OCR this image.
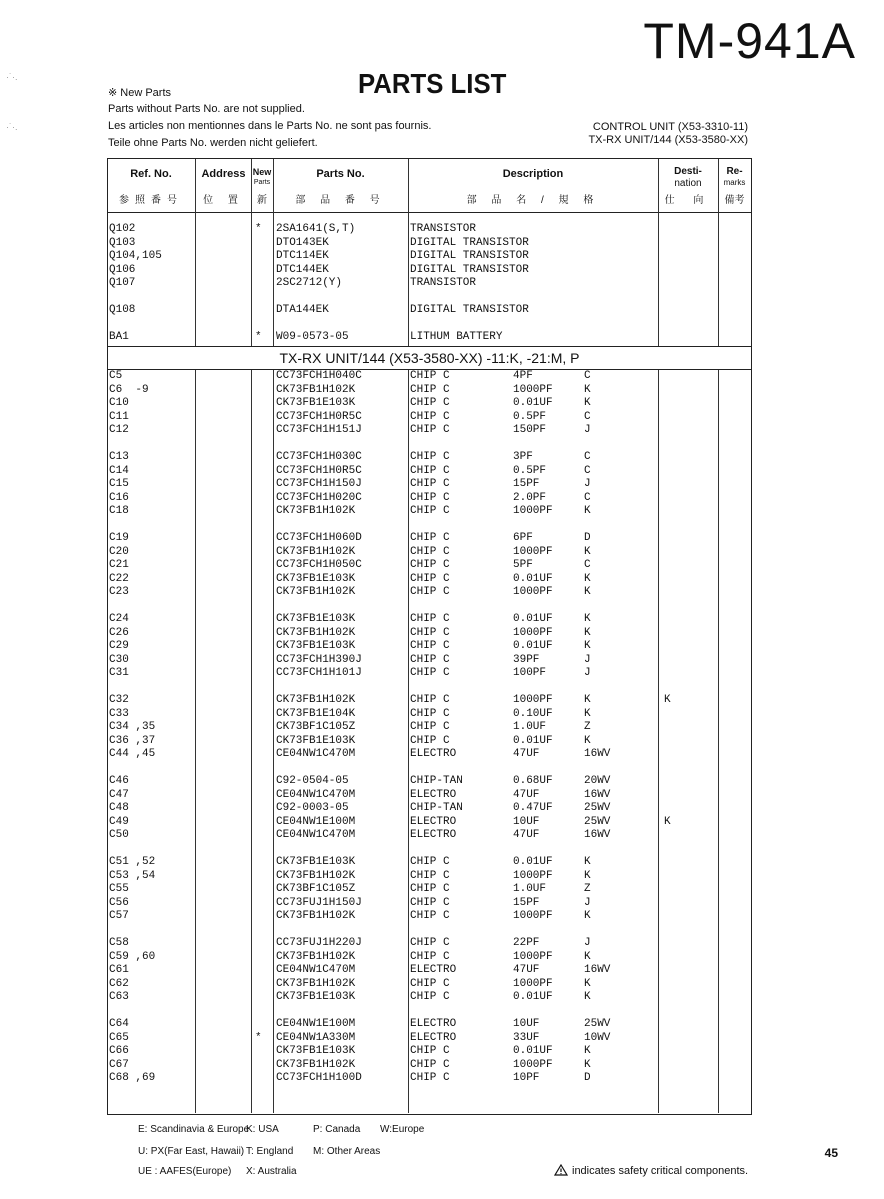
TM-941A
PARTS LIST
※ New Parts
Parts without Parts No. are not supplied.
Les articles non mentionnes dans le Parts No. ne sont pas fournis.
Teile ohne Parts No. werden nicht geliefert.
CONTROL UNIT (X53-3310-11)
TX-RX UNIT/144 (X53-3580-XX)
·˙·.
·˙·.
Ref. No.
参照番号
Address
位 置
New
Parts
新
Parts No.
部 品 番 号
Description
部 品 名 / 規 格
Desti-
nation
仕 向
Re-
marks
備考
Q102	* 2SA1641(S,T)	TRANSISTOR
Q103	DTO143EK	DIGITAL TRANSISTOR
Q104,105	DTC114EK	DIGITAL TRANSISTOR
Q106	DTC144EK	DIGITAL TRANSISTOR
Q107	2SC2712(Y)	TRANSISTOR
Q108	DTA144EK	DIGITAL TRANSISTOR
BA1	* W09-0573-05	LITHUM BATTERY
TX-RX UNIT/144 (X53-3580-XX) -11:K, -21:M, P
C5	CC73FCH1H040C	CHIP C	4PF	C
C6  -9	CK73FB1H102K	CHIP C	1000PF	K
C10	CK73FB1E103K	CHIP C	0.01UF	K
C11	CC73FCH1H0R5C	CHIP C	0.5PF	C
C12	CC73FCH1H151J	CHIP C	150PF	J
C13	CC73FCH1H030C	CHIP C	3PF	C
C14	CC73FCH1H0R5C	CHIP C	0.5PF	C
C15	CC73FCH1H150J	CHIP C	15PF	J
C16	CC73FCH1H020C	CHIP C	2.0PF	C
C18	CK73FB1H102K	CHIP C	1000PF	K
C19	CC73FCH1H060D	CHIP C	6PF	D
C20	CK73FB1H102K	CHIP C	1000PF	K
C21	CC73FCH1H050C	CHIP C	5PF	C
C22	CK73FB1E103K	CHIP C	0.01UF	K
C23	CK73FB1H102K	CHIP C	1000PF	K
C24	CK73FB1E103K	CHIP C	0.01UF	K
C26	CK73FB1H102K	CHIP C	1000PF	K
C29	CK73FB1E103K	CHIP C	0.01UF	K
C30	CC73FCH1H390J	CHIP C	39PF	J
C31	CC73FCH1H101J	CHIP C	100PF	J
C32	CK73FB1H102K	CHIP C	1000PF	K	K
C33	CK73FB1E104K	CHIP C	0.10UF	K
C34 ,35	CK73BF1C105Z	CHIP C	1.0UF	Z
C36 ,37	CK73FB1E103K	CHIP C	0.01UF	K
C44 ,45	CE04NW1C470M	ELECTRO	47UF	16WV
C46	C92-0504-05	CHIP-TAN	0.68UF	20WV
C47	CE04NW1C470M	ELECTRO	47UF	16WV
C48	C92-0003-05	CHIP-TAN	0.47UF	25WV
C49	CE04NW1E100M	ELECTRO	10UF	25WV	K
C50	CE04NW1C470M	ELECTRO	47UF	16WV
C51 ,52	CK73FB1E103K	CHIP C	0.01UF	K
C53 ,54	CK73FB1H102K	CHIP C	1000PF	K
C55	CK73BF1C105Z	CHIP C	1.0UF	Z
C56	CC73FUJ1H150J	CHIP C	15PF	J
C57	CK73FB1H102K	CHIP C	1000PF	K
C58	CC73FUJ1H220J	CHIP C	22PF	J
C59 ,60	CK73FB1H102K	CHIP C	1000PF	K
C61	CE04NW1C470M	ELECTRO	47UF	16WV
C62	CK73FB1H102K	CHIP C	1000PF	K
C63	CK73FB1E103K	CHIP C	0.01UF	K
C64	CE04NW1E100M	ELECTRO	10UF	25WV
C65	* CE04NW1A330M	ELECTRO	33UF	10WV
C66	CK73FB1E103K	CHIP C	0.01UF	K
C67	CK73FB1H102K	CHIP C	1000PF	K
C68 ,69	CC73FCH1H100D	CHIP C	10PF	D
E: Scandinavia & Europe
K: USA	P: Canada W:Europe
U: PX(Far East, Hawaii) T: England M: Other Areas
UE : AAFES(Europe) X: Australia
45
indicates safety critical components.
